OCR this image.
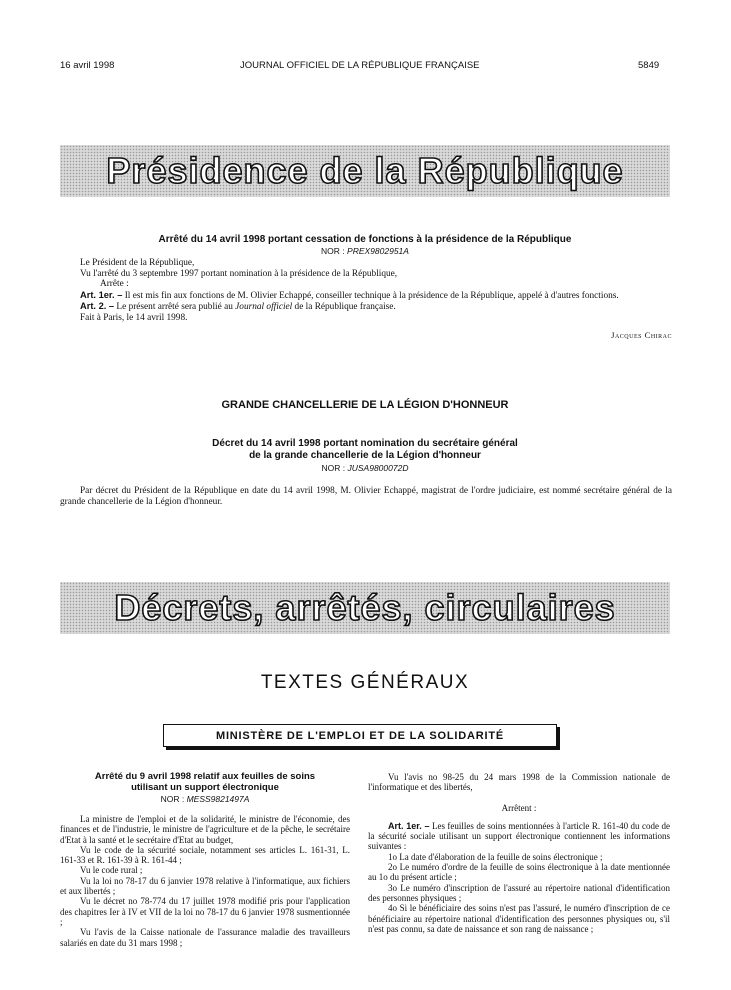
16 avril 1998	JOURNAL OFFICIEL DE LA RÉPUBLIQUE FRANÇAISE	5849
Présidence de la République
Arrêté du 14 avril 1998 portant cessation de fonctions à la présidence de la République
NOR : PREX9802951A

Le Président de la République,

Vu l'arrêté du 3 septembre 1997 portant nomination à la présidence de la République,

Arrête :

Art. 1er. – Il est mis fin aux fonctions de M. Olivier Echappé, conseiller technique à la présidence de la République, appelé à d'autres fonctions.

Art. 2. – Le présent arrêté sera publié au Journal officiel de la République française.

Fait à Paris, le 14 avril 1998.

Jacques Chirac

GRANDE CHANCELLERIE DE LA LÉGION D'HONNEUR
Décret du 14 avril 1998 portant nomination du secrétaire général
de la grande chancellerie de la Légion d'honneur
NOR : JUSA9800072D

Par décret du Président de la République en date du 14 avril 1998, M. Olivier Echappé, magistrat de l'ordre judiciaire, est nommé secrétaire général de la grande chancellerie de la Légion d'honneur.

Décrets, arrêtés, circulaires
TEXTES GÉNÉRAUX
MINISTÈRE DE L'EMPLOI ET DE LA SOLIDARITÉ
Arrêté du 9 avril 1998 relatif aux feuilles de soins
utilisant un support électronique
NOR : MESS9821497A

La ministre de l'emploi et de la solidarité, le ministre de l'économie, des finances et de l'industrie, le ministre de l'agriculture et de la pêche, le secrétaire d'Etat à la santé et le secrétaire d'Etat au budget,

Vu le code de la sécurité sociale, notamment ses articles L. 161-31, L. 161-33 et R. 161-39 à R. 161-44 ;

Vu le code rural ;

Vu la loi no 78-17 du 6 janvier 1978 relative à l'informatique, aux fichiers et aux libertés ;

Vu le décret no 78-774 du 17 juillet 1978 modifié pris pour l'application des chapitres Ier à IV et VII de la loi no 78-17 du 6 janvier 1978 susmentionnée ;

Vu l'avis de la Caisse nationale de l'assurance maladie des travailleurs salariés en date du 31 mars 1998 ;

Vu l'avis no 98-25 du 24 mars 1998 de la Commission nationale de l'informatique et des libertés,

Arrêtent :

Art. 1er. – Les feuilles de soins mentionnées à l'article R. 161-40 du code de la sécurité sociale utilisant un support électronique contiennent les informations suivantes :

1o La date d'élaboration de la feuille de soins électronique ;

2o Le numéro d'ordre de la feuille de soins électronique à la date mentionnée au 1o du présent article ;

3o Le numéro d'inscription de l'assuré au répertoire national d'identification des personnes physiques ;

4o Si le bénéficiaire des soins n'est pas l'assuré, le numéro d'inscription de ce bénéficiaire au répertoire national d'identification des personnes physiques ou, s'il n'est pas connu, sa date de naissance et son rang de naissance ;
